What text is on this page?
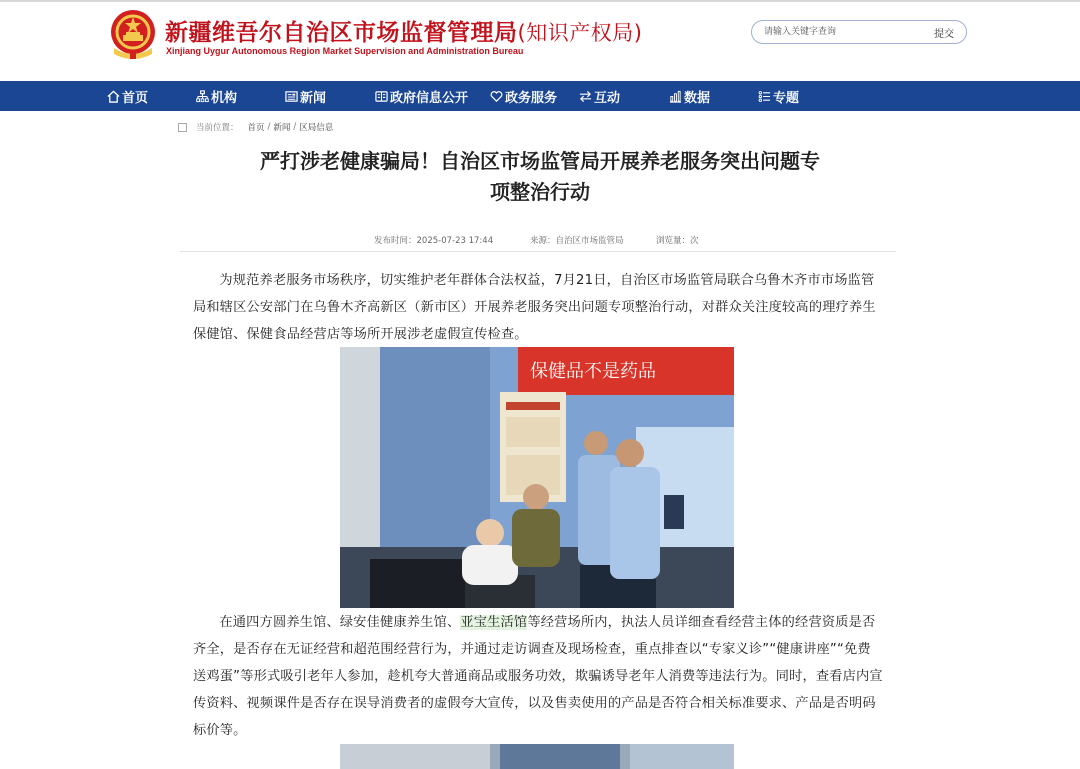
新疆维吾尔自治区市场监督管理局(知识产权局)
Xinjiang Uygur Autonomous Region Market Supervision and Administration Bureau
请输入关键字查询
提交
首页	机构	新闻	政府信息公开	政务服务	互动	数据	专题
当前位置： 首页 / 新闻 / 区局信息
严打涉老健康骗局！自治区市场监管局开展养老服务突出问题专
项整治行动
发布时间：2025-07-23 17:44	来源：自治区市场监管局	浏览量：次

为规范养老服务市场秩序，切实维护老年群体合法权益，7月21日，自治区市场监管局联合乌鲁木齐市市场监管局和辖区公安部门在乌鲁木齐高新区（新市区）开展养老服务突出问题专项整治行动，对群众关注度较高的理疗养生保健馆、保健食品经营店等场所开展涉老虚假宣传检查。

保健品不是药品

在通四方圆养生馆、绿安佳健康养生馆、亚宝生活馆等经营场所内，执法人员详细查看经营主体的经营资质是否齐全，是否存在无证经营和超范围经营行为，并通过走访调查及现场检查，重点排查以“专家义诊”“健康讲座”“免费送鸡蛋”等形式吸引老年人参加，趁机夸大普通商品或服务功效，欺骗诱导老年人消费等违法行为。同时，查看店内宣传资料、视频课件是否存在误导消费者的虚假夸大宣传，以及售卖使用的产品是否符合相关标准要求、产品是否明码标价等。
